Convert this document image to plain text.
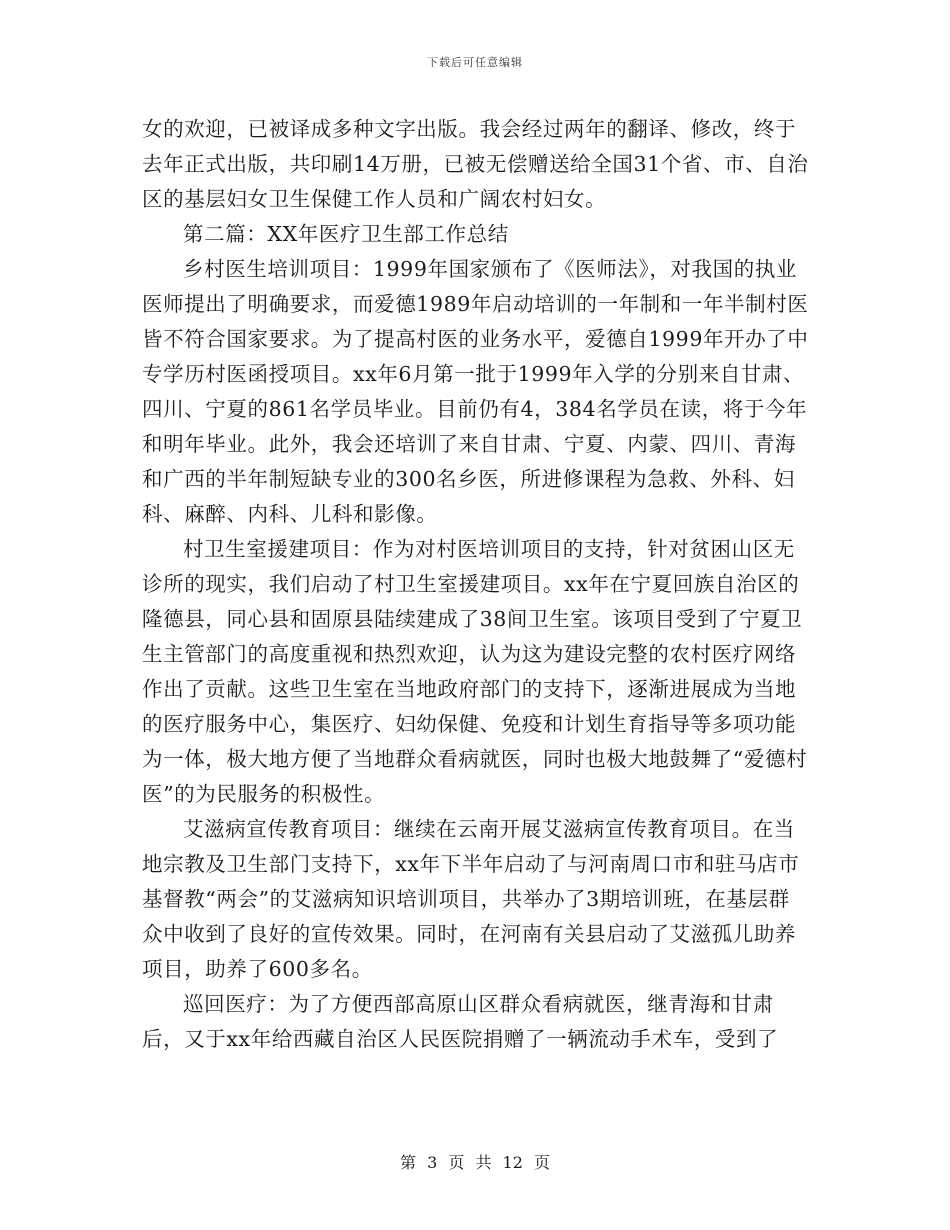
下载后可任意编辑

女的欢迎，已被译成多种文字出版。我会经过两年的翻译、修改，终于去年正式出版，共印刷14万册，已被无偿赠送给全国31个省、市、自治区的基层妇女卫生保健工作人员和广阔农村妇女。

第二篇：XX年医疗卫生部工作总结

乡村医生培训项目：1999年国家颁布了《医师法》，对我国的执业医师提出了明确要求，而爱德1989年启动培训的一年制和一年半制村医皆不符合国家要求。为了提高村医的业务水平，爱德自1999年开办了中专学历村医函授项目。xx年6月第一批于1999年入学的分别来自甘肃、四川、宁夏的861名学员毕业。目前仍有4，384名学员在读，将于今年和明年毕业。此外，我会还培训了来自甘肃、宁夏、内蒙、四川、青海和广西的半年制短缺专业的300名乡医，所进修课程为急救、外科、妇科、麻醉、内科、儿科和影像。

村卫生室援建项目：作为对村医培训项目的支持，针对贫困山区无诊所的现实，我们启动了村卫生室援建项目。xx年在宁夏回族自治区的隆德县，同心县和固原县陆续建成了38间卫生室。该项目受到了宁夏卫生主管部门的高度重视和热烈欢迎，认为这为建设完整的农村医疗网络作出了贡献。这些卫生室在当地政府部门的支持下，逐渐进展成为当地的医疗服务中心，集医疗、妇幼保健、免疫和计划生育指导等多项功能为一体，极大地方便了当地群众看病就医，同时也极大地鼓舞了“爱德村医”的为民服务的积极性。

艾滋病宣传教育项目：继续在云南开展艾滋病宣传教育项目。在当地宗教及卫生部门支持下，xx年下半年启动了与河南周口市和驻马店市基督教“两会”的艾滋病知识培训项目，共举办了3期培训班，在基层群众中收到了良好的宣传效果。同时，在河南有关县启动了艾滋孤儿助养项目，助养了600多名。

巡回医疗：为了方便西部高原山区群众看病就医，继青海和甘肃后，又于xx年给西藏自治区人民医院捐赠了一辆流动手术车，受到了

第 3 页 共 12 页
